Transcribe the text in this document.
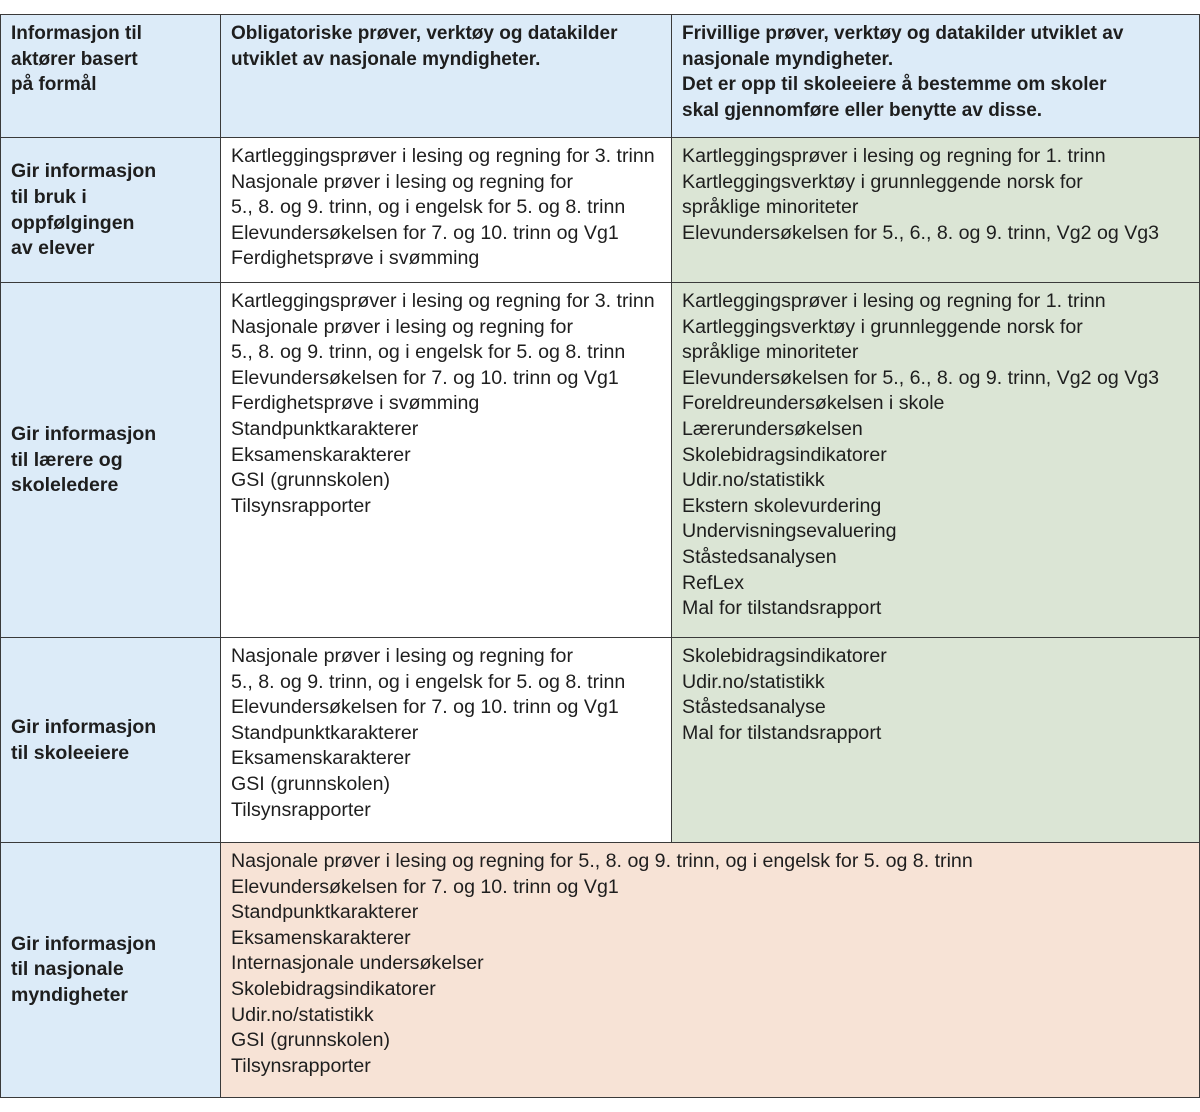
Informasjon til
aktører basert
på formål
Obligatoriske prøver, verktøy og datakilder
utviklet av nasjonale myndigheter.
Frivillige prøver, verktøy og datakilder utviklet av
nasjonale myndigheter.
Det er opp til skoleeiere å bestemme om skoler
skal gjennomføre eller benytte av disse.
Gir informasjon
til bruk i
oppfølgingen
av elever
Kartleggingsprøver i lesing og regning for 3. trinn
Nasjonale prøver i lesing og regning for
5., 8. og 9. trinn, og i engelsk for 5. og 8. trinn
Elevundersøkelsen for 7. og 10. trinn og Vg1
Ferdighetsprøve i svømming
Kartleggingsprøver i lesing og regning for 1. trinn
Kartleggingsverktøy i grunnleggende norsk for
språklige minoriteter
Elevundersøkelsen for 5., 6., 8. og 9. trinn, Vg2 og Vg3
Gir informasjon
til lærere og
skoleledere
Kartleggingsprøver i lesing og regning for 3. trinn
Nasjonale prøver i lesing og regning for
5., 8. og 9. trinn, og i engelsk for 5. og 8. trinn
Elevundersøkelsen for 7. og 10. trinn og Vg1
Ferdighetsprøve i svømming
Standpunktkarakterer
Eksamenskarakterer
GSI (grunnskolen)
Tilsynsrapporter
Kartleggingsprøver i lesing og regning for 1. trinn
Kartleggingsverktøy i grunnleggende norsk for
språklige minoriteter
Elevundersøkelsen for 5., 6., 8. og 9. trinn, Vg2 og Vg3
Foreldreundersøkelsen i skole
Lærerundersøkelsen
Skolebidragsindikatorer
Udir.no/statistikk
Ekstern skolevurdering
Undervisningsevaluering
Ståstedsanalysen
RefLex
Mal for tilstandsrapport
Gir informasjon
til skoleeiere
Nasjonale prøver i lesing og regning for
5., 8. og 9. trinn, og i engelsk for 5. og 8. trinn
Elevundersøkelsen for 7. og 10. trinn og Vg1
Standpunktkarakterer
Eksamenskarakterer
GSI (grunnskolen)
Tilsynsrapporter
Skolebidragsindikatorer
Udir.no/statistikk
Ståstedsanalyse
Mal for tilstandsrapport
Gir informasjon
til nasjonale
myndigheter
Nasjonale prøver i lesing og regning for 5., 8. og 9. trinn, og i engelsk for 5. og 8. trinn
Elevundersøkelsen for 7. og 10. trinn og Vg1
Standpunktkarakterer
Eksamenskarakterer
Internasjonale undersøkelser
Skolebidragsindikatorer
Udir.no/statistikk
GSI (grunnskolen)
Tilsynsrapporter
